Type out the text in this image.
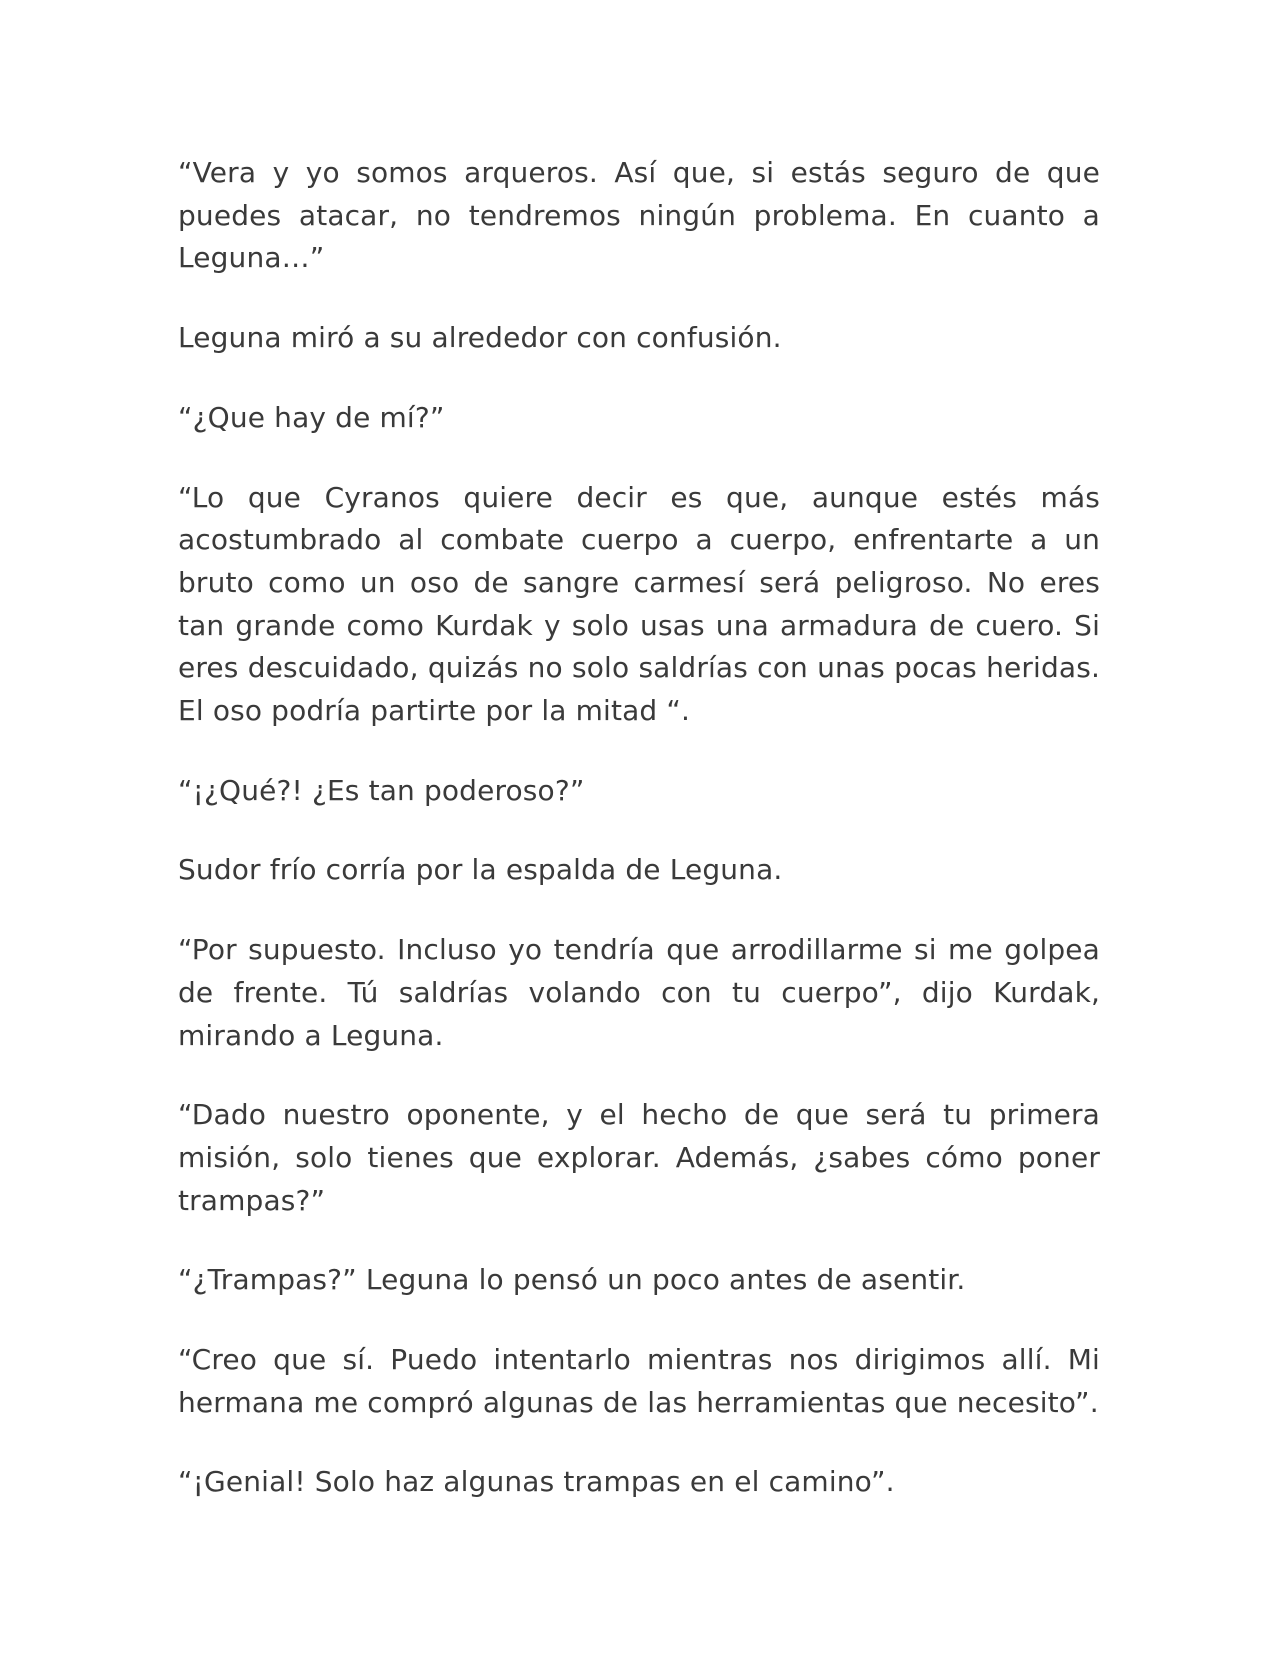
“Vera y yo somos arqueros. Así que, si estás seguro de que puedes atacar, no tendremos ningún problema. En cuanto a Leguna…”

Leguna miró a su alrededor con confusión.

“¿Que hay de mí?”

“Lo que Cyranos quiere decir es que, aunque estés más acostumbrado al combate cuerpo a cuerpo, enfrentarte a un bruto como un oso de sangre carmesí será peligroso. No eres tan grande como Kurdak y solo usas una armadura de cuero. Si eres descuidado, quizás no solo saldrías con unas pocas heridas. El oso podría partirte por la mitad “.

“¡¿Qué?! ¿Es tan poderoso?”

Sudor frío corría por la espalda de Leguna.

“Por supuesto. Incluso yo tendría que arrodillarme si me golpea de frente. Tú saldrías volando con tu cuerpo”, dijo Kurdak, mirando a Leguna.

“Dado nuestro oponente, y el hecho de que será tu primera misión, solo tienes que explorar. Además, ¿sabes cómo poner trampas?”

“¿Trampas?” Leguna lo pensó un poco antes de asentir.

“Creo que sí. Puedo intentarlo mientras nos dirigimos allí. Mi hermana me compró algunas de las herramientas que necesito”.

“¡Genial! Solo haz algunas trampas en el camino”.
